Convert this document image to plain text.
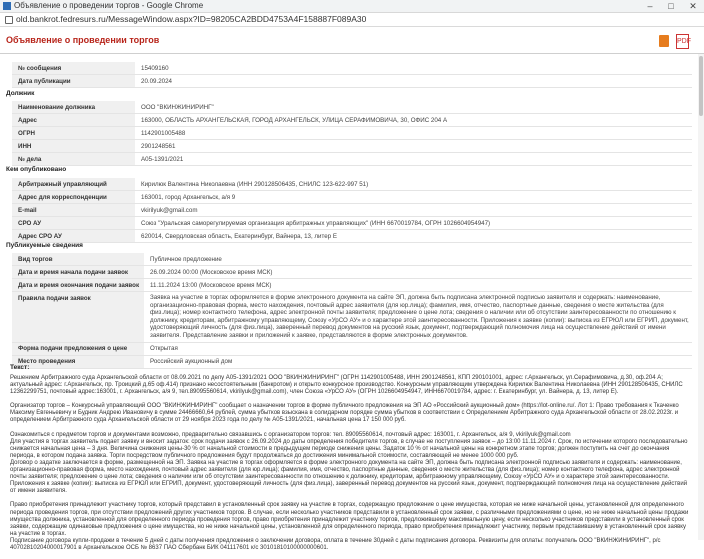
Объявление о проведении торгов - Google Chrome	–	□	✕
old.bankrot.fedresurs.ru/MessageWindow.aspx?ID=98205CA2BDD4753A4F158887F089A30
Объявление о проведении торгов	PDF
№ сообщения	15409160
Дата публикации	20.09.2024
Должник
Наименование должника	ООО "ВКИНЖИНИРИНГ"
Адрес	163000, ОБЛАСТЬ АРХАНГЕЛЬСКАЯ, ГОРОД АРХАНГЕЛЬСК, УЛИЦА СЕРАФИМОВИЧА, 30, ОФИС 204 А
ОГРН	1142901005488
ИНН	2901248561
№ дела	А05-1391/2021
Кем опубликовано
Арбитражный управляющий	Кирилюк Валентина Николаевна (ИНН 290128506435, СНИЛС 123-622-997 51)
Адрес для корреспонденции	163001, город Архангельск, а/я 9
E-mail	vkirilyuk@gmail.com
СРО АУ	Союз "Уральская саморегулируемая организация арбитражных управляющих" (ИНН 6670019784, ОГРН 1026604954947)
Адрес СРО АУ	620014, Свердловская область, Екатеринбург, Вайнера, 13, литер Е
Публикуемые сведения
Вид торгов	Публичное предложение
Дата и время начала подачи заявок	26.09.2024 00:00 (Московское время МСК)
Дата и время окончания подачи заявок	11.11.2024 13:00 (Московское время МСК)
Правила подачи заявок	Заявка на участие в торгах оформляется в форме электронного документа на сайте ЭП, должна быть подписана электронной подписью заявителя и содержать: наименование, организационно-правовая форма, место нахождения, почтовый адрес заявителя (для юр.лица); фамилия, имя, отчество, паспортные данные, сведения о месте жительства (для физ.лица); номер контактного телефона, адрес электронной почты заявителя; предложение о цене лота; сведения о наличии или об отсутствии заинтересованности по отношению к должнику, кредиторам, арбитражному управляющему, Союзу «УрСО АУ» и о характере этой заинтересованности. Приложения к заявке (копии): выписка из ЕГРЮЛ или ЕГРИП, документ, удостоверяющий личность (для физ.лица), заверенный перевод документов на русский язык, документ, подтверждающий полномочия лица на осуществление действий от имени заявителя. Представление заявки и приложений к заявке, представляются в форме электронных документов.
Форма подачи предложения о цене	Открытая
Место проведения	Российский аукционный дом
Текст:

Решением Арбитражного суда Архангельской области от 08.09.2021 по делу А05-1391/2021 ООО "ВКИНЖИНИРИНГ" (ОГРН 1142901005488, ИНН 2901248561, КПП 290101001, адрес: г.Архангельск, ул.Серафимовича, д.30, оф.204 А; актуальный адрес: г.Архангельск, пр. Троицкий д.65 оф.414) признано несостоятельным (банкротом) и открыто конкурсное производство. Конкурсным управляющим утверждена Кирилюк Валентина Николаевна (ИНН 290128506435, СНИЛС 12362299751, почтовый адрес:163001, г. Архангельск, а/я 9, тел.89095560614, vkirilyuk@gmail.com), член Союза «УрСО АУ» (ОГРН 1026604954947, ИНН6670019784, адрес: г. Екатеринбург, ул. Вайнера, д. 13, литер Е).

Организатор торгов – Конкурсный управляющий ООО "ВКИНЖИНИРИНГ" сообщает о назначении торгов в форме публичного предложения на ЭП АО «Российский аукционный дом» (https://lot-online.ru/. Лот 1: Право требования к Ткаченко Максиму Евгеньевичу и Будник Андрею Ивановичу в сумме 24466660,64 рублей, сумма убытков взыскана в солидарном порядке сумма убытков в соответствии с Определением Арбитражного суда Архангельской области от 28.02.2023г. и определением Арбитражного суда Архангельской области от 29 ноября 2023 года по делу № А05-1391/2021, начальная цена 17 150 000 руб.

Ознакомиться с предметом торгов и документами возможно, предварительно связавшись с организатором торгов: тел. 89095560614, почтовый адрес: 163001, г. Архангельск, а/я 9, vkirilyuk@gmail.com
Для участия в торгах заявитель подает заявку и вносит задаток: срок подачи заявок с 26.09.2024 до даты определения победителя торгов, в случае не поступления заявок – до 13:00 11.11.2024 г. Срок, по истечении которого последовательно снижается начальная цена – 3 дня. Величина снижения цены-30 % от начальной стоимости в предыдущем периоде снижения цены. Задаток 10 % от начальной цены на конкретном этапе торгов; должен поступить на счет до окончания периода, в котором подана заявка. Торги посредством публичного предложения будут продолжаться до достижения минимальной стоимости, составляющей не менее 1000 000 руб.
Договор о задатке заключается в форме, размещенной на ЭП. Заявка на участие в торгах оформляется в форме электронного документа на сайте ЭП, должна быть подписана электронной подписью заявителя и содержать: наименование, организационно-правовая форма, место нахождения, почтовый адрес заявителя (для юр.лица); фамилия, имя, отчество, паспортные данные, сведения о месте жительства (для физ.лица); номер контактного телефона, адрес электронной почты заявителя; предложение о цене лота; сведения о наличии или об отсутствии заинтересованности по отношению к должнику, кредиторам, арбитражному управляющему, Союзу «УрСО АУ» и о характере этой заинтересованности. Приложения к заявке (копии): выписка из ЕГРЮЛ или ЕГРИП, документ, удостоверяющий личность (для физ.лица), заверенный перевод документов на русский язык, документ, подтверждающий полномочия лица на осуществление действий от имени заявителя.

Право приобретения принадлежит участнику торгов, который представил в установленный срок заявку на участие в торгах, содержащую предложение о цене имущества, которая не ниже начальной цены, установленной для определенного периода проведения торгов, при отсутствии предложений других участников торгов. В случае, если несколько участников представили в установленный срок заявки, с различными предложениями о цене, но не ниже начальной цены продажи имущества должника, установленной для определенного периода проведения торгов, право приобретения принадлежит участнику торгов, предложившему максимальную цену, если несколько участников представили в установленный срок заявки, содержащие одинаковые предложения о цене имущества, но не ниже начальной цены, установленной для определенного периода, право приобретения принадлежит участнику, первым представившему в установленный срок заявку на участие в торгах.
Подписание договора купли-продажи в течение 5 дней с даты получения предложения о заключении договора, оплата в течение 30дней с даты подписания договора. Реквизиты для оплаты: получатель ООО "ВКИНЖИНИРИНГ", р/с 40702810204000017901 в Архангельское ОСБ № 8637 ПАО Сбербанк БИК 041117601 к/с 30101810100000000601.
